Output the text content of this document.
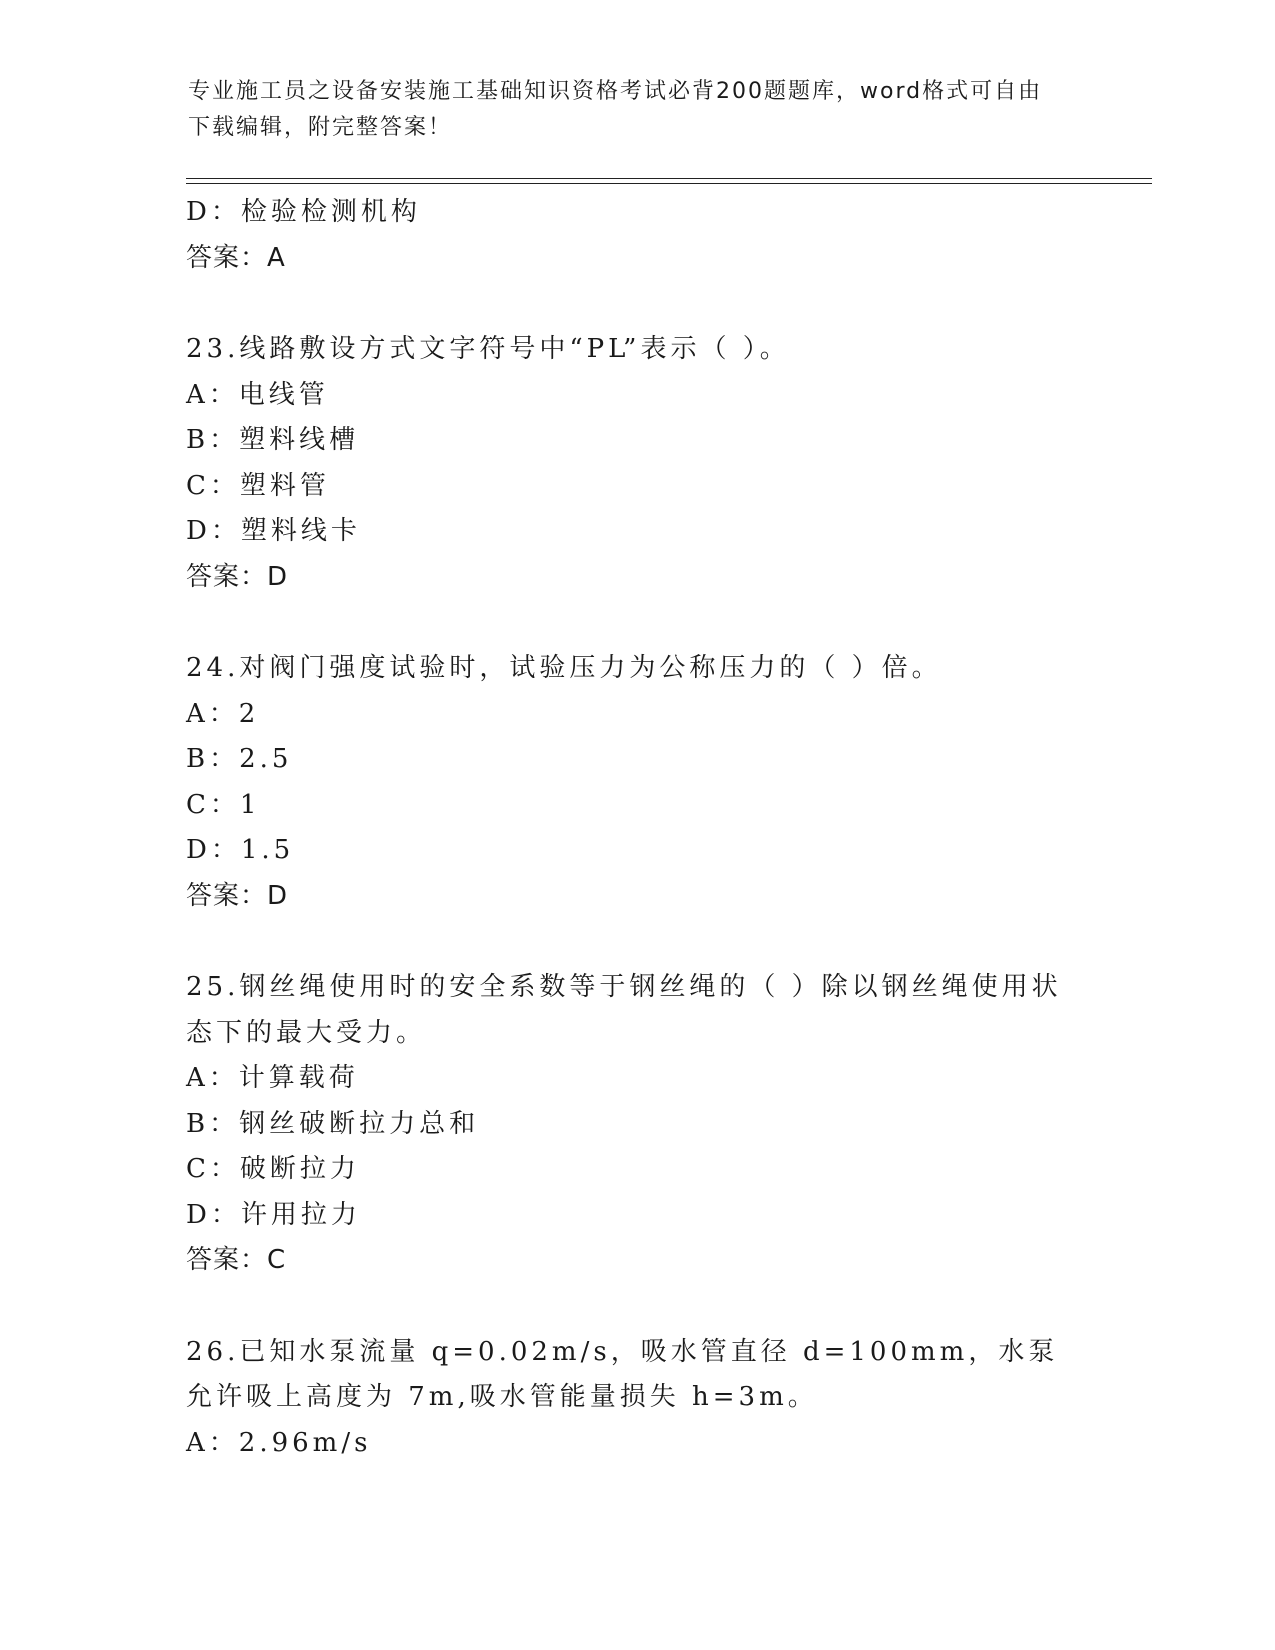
专业施工员之设备安装施工基础知识资格考试必背200题题库，word格式可自由
下载编辑，附完整答案！
D：检验检测机构
答案：A
23.线路敷设方式文字符号中“PL”表示（ ）。
A：电线管
B：塑料线槽
C：塑料管
D：塑料线卡
答案：D
24.对阀门强度试验时，试验压力为公称压力的（ ）倍。
A：2
B：2.5
C：1
D：1.5
答案：D
25.钢丝绳使用时的安全系数等于钢丝绳的（ ）除以钢丝绳使用状态下的最大受力。
A：计算载荷
B：钢丝破断拉力总和
C：破断拉力
D：许用拉力
答案：C
26.已知水泵流量 q=0.02m/s，吸水管直径 d=100mm，水泵允许吸上高度为 7m,吸水管能量损失 h=3m。
A：2.96m/s
